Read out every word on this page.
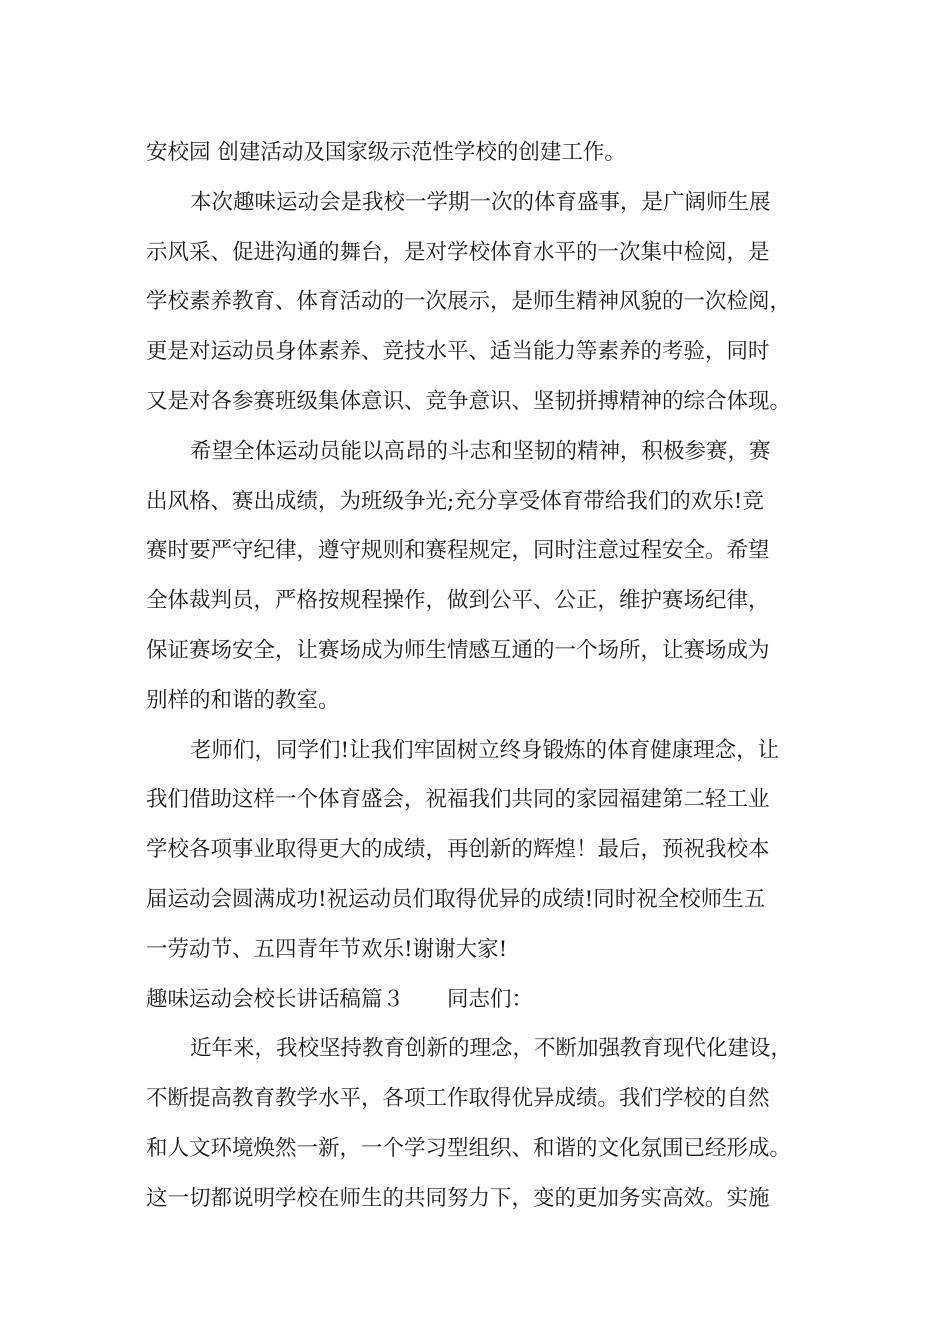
安校园 创建活动及国家级示范性学校的创建工作。
本次趣味运动会是我校一学期一次的体育盛事，是广阔师生展
示风采、促进沟通的舞台，是对学校体育水平的一次集中检阅，是
学校素养教育、体育活动的一次展示，是师生精神风貌的一次检阅，
更是对运动员身体素养、竞技水平、适当能力等素养的考验，同时
又是对各参赛班级集体意识、竞争意识、坚韧拼搏精神的综合体现。
希望全体运动员能以高昂的斗志和坚韧的精神，积极参赛，赛
出风格、赛出成绩，为班级争光;充分享受体育带给我们的欢乐!竞
赛时要严守纪律，遵守规则和赛程规定，同时注意过程安全。希望
全体裁判员，严格按规程操作，做到公平、公正，维护赛场纪律，
保证赛场安全，让赛场成为师生情感互通的一个场所，让赛场成为
别样的和谐的教室。
老师们，同学们!让我们牢固树立终身锻炼的体育健康理念，让
我们借助这样一个体育盛会，祝福我们共同的家园福建第二轻工业
学校各项事业取得更大的成绩，再创新的辉煌！最后，预祝我校本
届运动会圆满成功!祝运动员们取得优异的成绩!同时祝全校师生五
一劳动节、五四青年节欢乐!谢谢大家!
趣味运动会校长讲话稿篇３　　同志们：
近年来，我校坚持教育创新的理念，不断加强教育现代化建设，
不断提高教育教学水平，各项工作取得优异成绩。我们学校的自然
和人文环境焕然一新，一个学习型组织、和谐的文化氛围已经形成。
这一切都说明学校在师生的共同努力下，变的更加务实高效。实施
